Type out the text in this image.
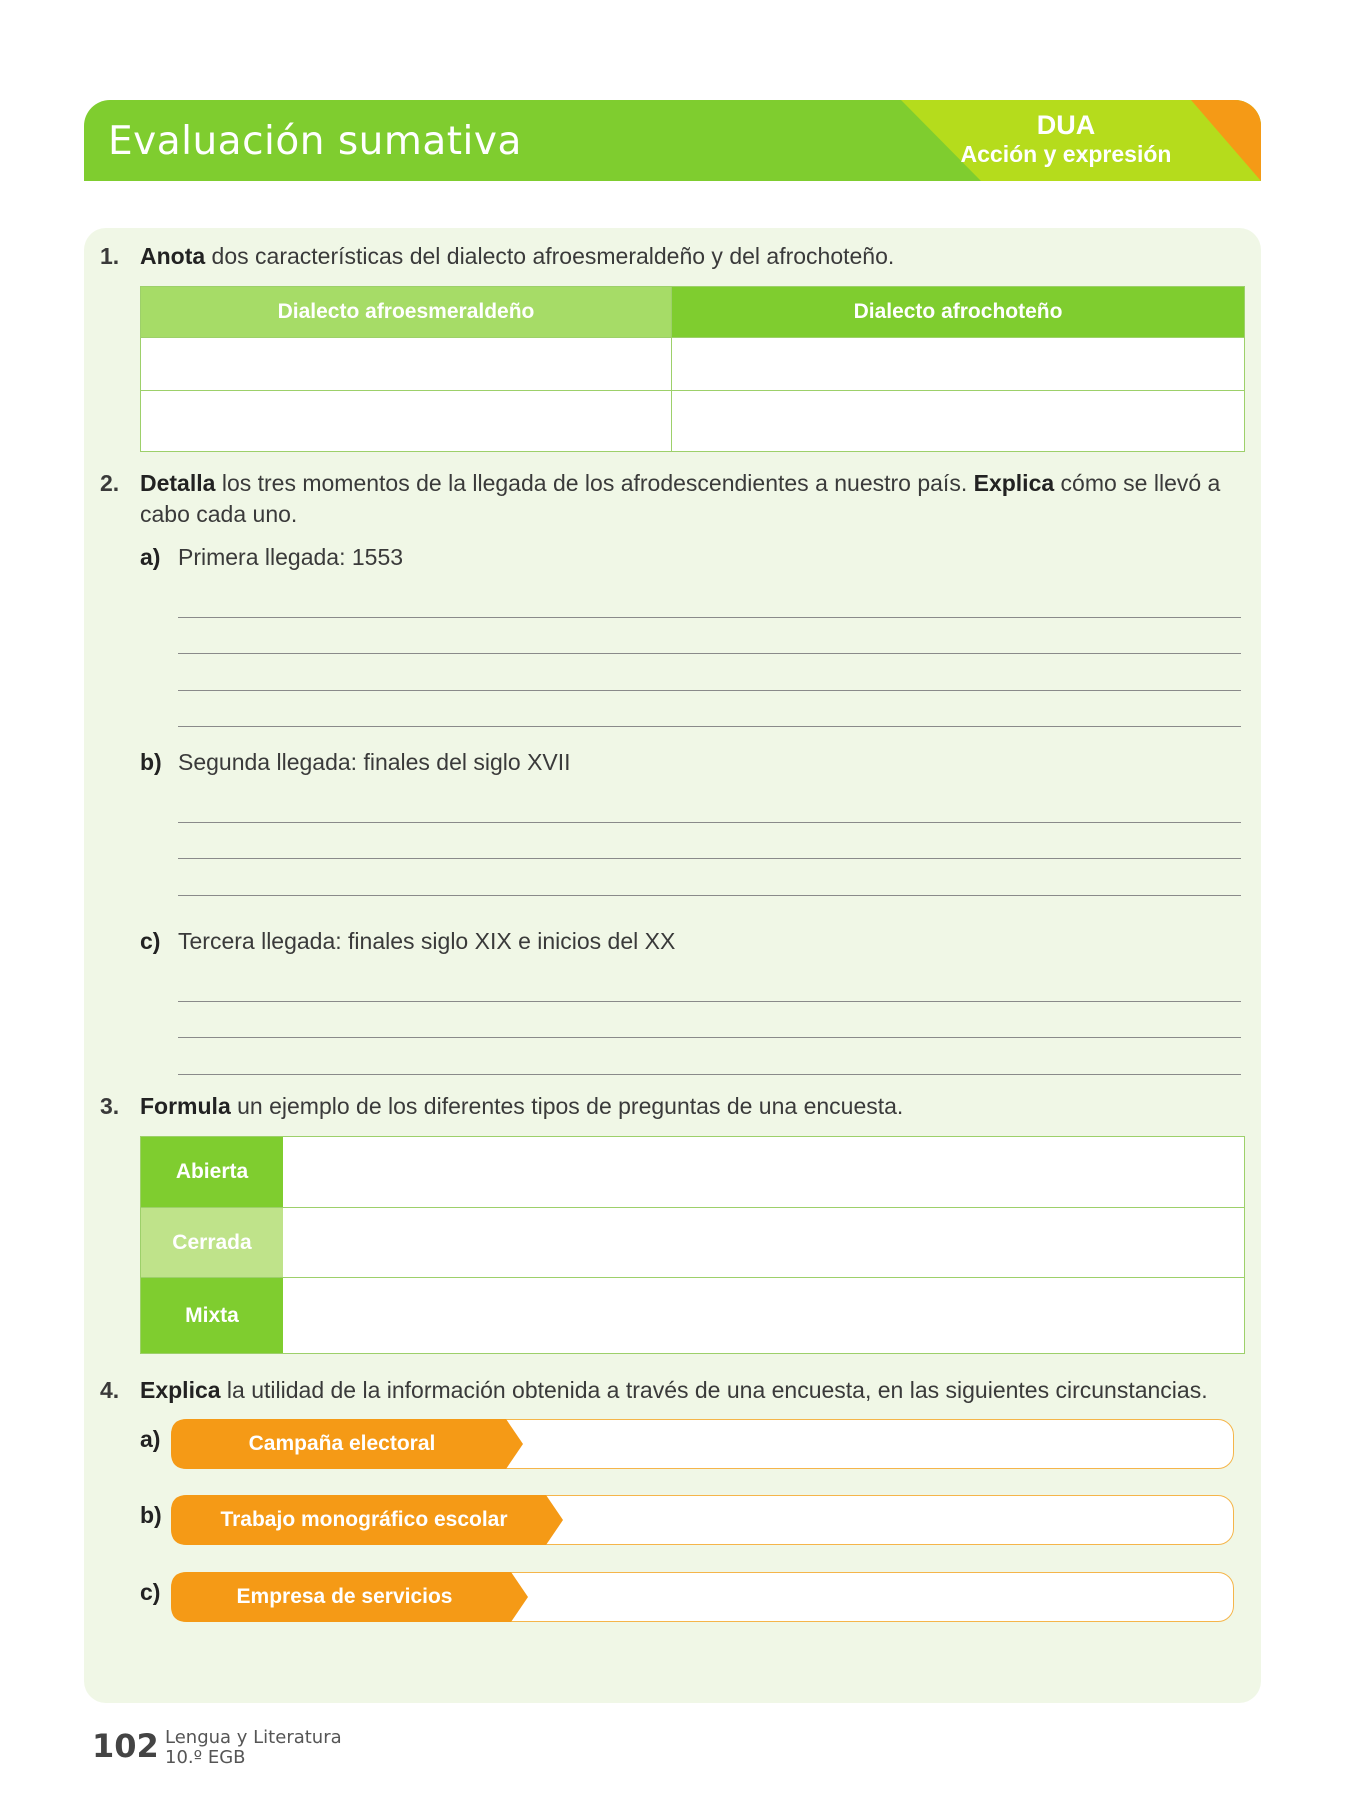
Evaluación sumativa	DUA
Acción y expresión
1. Anota dos características del dialecto afroesmeraldeño y del afrochoteño.
Dialecto afroesmeraldeño	Dialecto afrochoteño
2. Detalla los tres momentos de la llegada de los afrodescendientes a nuestro país. Explica cómo se llevó a cabo cada uno.
a) Primera llegada: 1553
b) Segunda llegada: finales del siglo XVII
c) Tercera llegada: finales siglo XIX e inicios del XX
3. Formula un ejemplo de los diferentes tipos de preguntas de una encuesta.
Abierta
Cerrada
Mixta
4. Explica la utilidad de la información obtenida a través de una encuesta, en las siguientes circunstancias.
a)	Campaña electoral
b)	Trabajo monográfico escolar
c)	Empresa de servicios
102 Lengua y Literatura
10.º EGB
